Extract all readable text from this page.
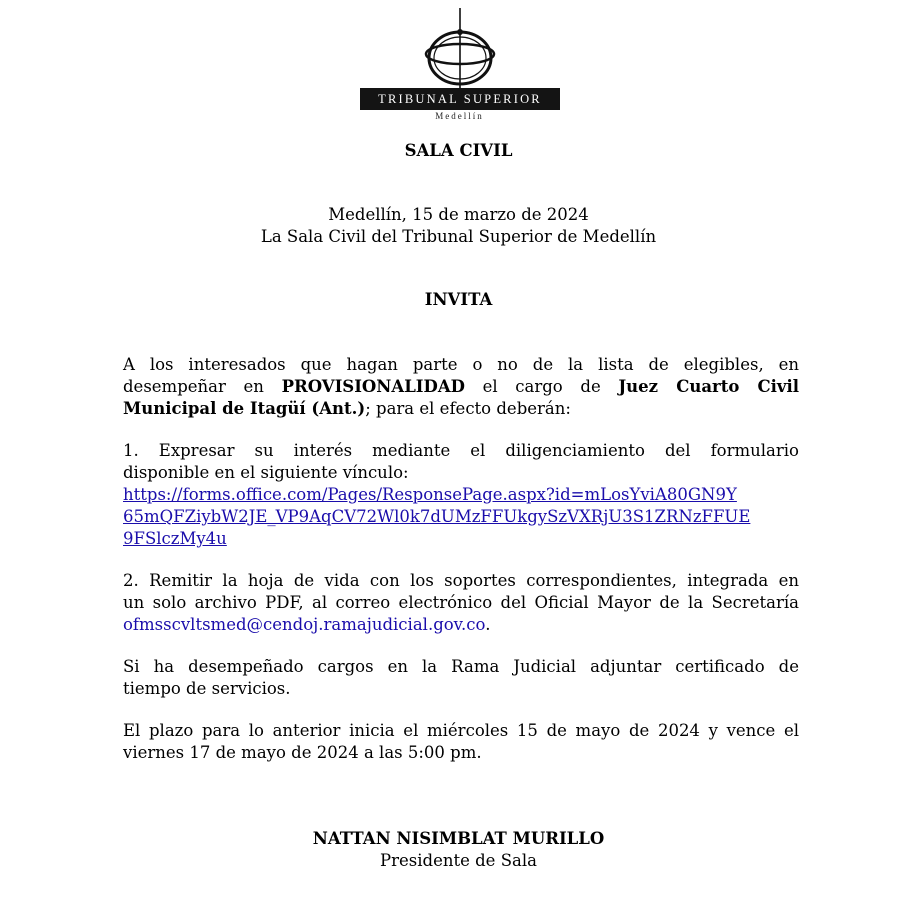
TRIBUNAL SUPERIOR
Medellín
SALA CIVIL
Medellín, 15 de marzo de 2024
La Sala Civil del Tribunal Superior de Medellín
INVITA
A los interesados que hagan parte o no de la lista de elegibles, en
desempeñar en PROVISIONALIDAD el cargo de Juez Cuarto Civil
Municipal de Itagüí (Ant.); para el efecto deberán:
1. Expresar su interés mediante el diligenciamiento del formulario
disponible en el siguiente vínculo:
https://forms.office.com/Pages/ResponsePage.aspx?id=mLosYviA80GN9Y
65mQFZiybW2JE_VP9AqCV72Wl0k7dUMzFFUkgySzVXRjU3S1ZRNzFFUE
9FSlczMy4u
2. Remitir la hoja de vida con los soportes correspondientes, integrada en
un solo archivo PDF, al correo electrónico del Oficial Mayor de la Secretaría
ofmsscvltsmed@cendoj.ramajudicial.gov.co.
Si ha desempeñado cargos en la Rama Judicial adjuntar certificado de
tiempo de servicios.
El plazo para lo anterior inicia el miércoles 15 de mayo de 2024 y vence el
viernes 17 de mayo de 2024 a las 5:00 pm.
NATTAN NISIMBLAT MURILLO
Presidente de Sala
